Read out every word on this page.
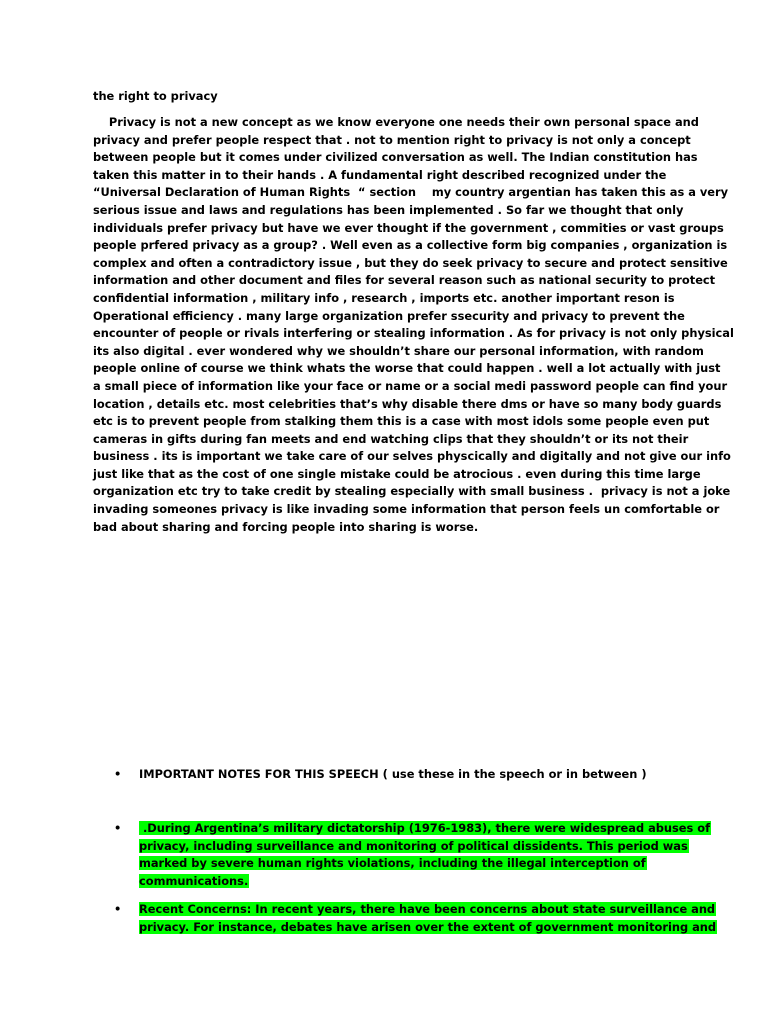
the right to privacy
Privacy is not a new concept as we know everyone one needs their own personal space and
privacy and prefer people respect that . not to mention right to privacy is not only a concept
between people but it comes under civilized conversation as well. The Indian constitution has
taken this matter in to their hands . A fundamental right described recognized under the
“Universal Declaration of Human Rights  “ section    my country argentian has taken this as a very
serious issue and laws and regulations has been implemented . So far we thought that only
individuals prefer privacy but have we ever thought if the government , commities or vast groups
people prfered privacy as a group? . Well even as a collective form big companies , organization is
complex and often a contradictory issue , but they do seek privacy to secure and protect sensitive
information and other document and files for several reason such as national security to protect
confidential information , military info , research , imports etc. another important reson is
Operational efficiency . many large organization prefer ssecurity and privacy to prevent the
encounter of people or rivals interfering or stealing information . As for privacy is not only physical
its also digital . ever wondered why we shouldn’t share our personal information, with random
people online of course we think whats the worse that could happen . well a lot actually with just
a small piece of information like your face or name or a social medi password people can find your
location , details etc. most celebrities that’s why disable there dms or have so many body guards
etc is to prevent people from stalking them this is a case with most idols some people even put
cameras in gifts during fan meets and end watching clips that they shouldn’t or its not their
business . its is important we take care of our selves physcically and digitally and not give our info
just like that as the cost of one single mistake could be atrocious . even during this time large
organization etc try to take credit by stealing especially with small business .  privacy is not a joke
invading someones privacy is like invading some information that person feels un comfortable or
bad about sharing and forcing people into sharing is worse.
• IMPORTANT NOTES FOR THIS SPEECH ( use these in the speech or in between )
• .During Argentina’s military dictatorship (1976-1983), there were widespread abuses of
privacy, including surveillance and monitoring of political dissidents. This period was
marked by severe human rights violations, including the illegal interception of
communications.
• Recent Concerns: In recent years, there have been concerns about state surveillance and
privacy. For instance, debates have arisen over the extent of government monitoring and
